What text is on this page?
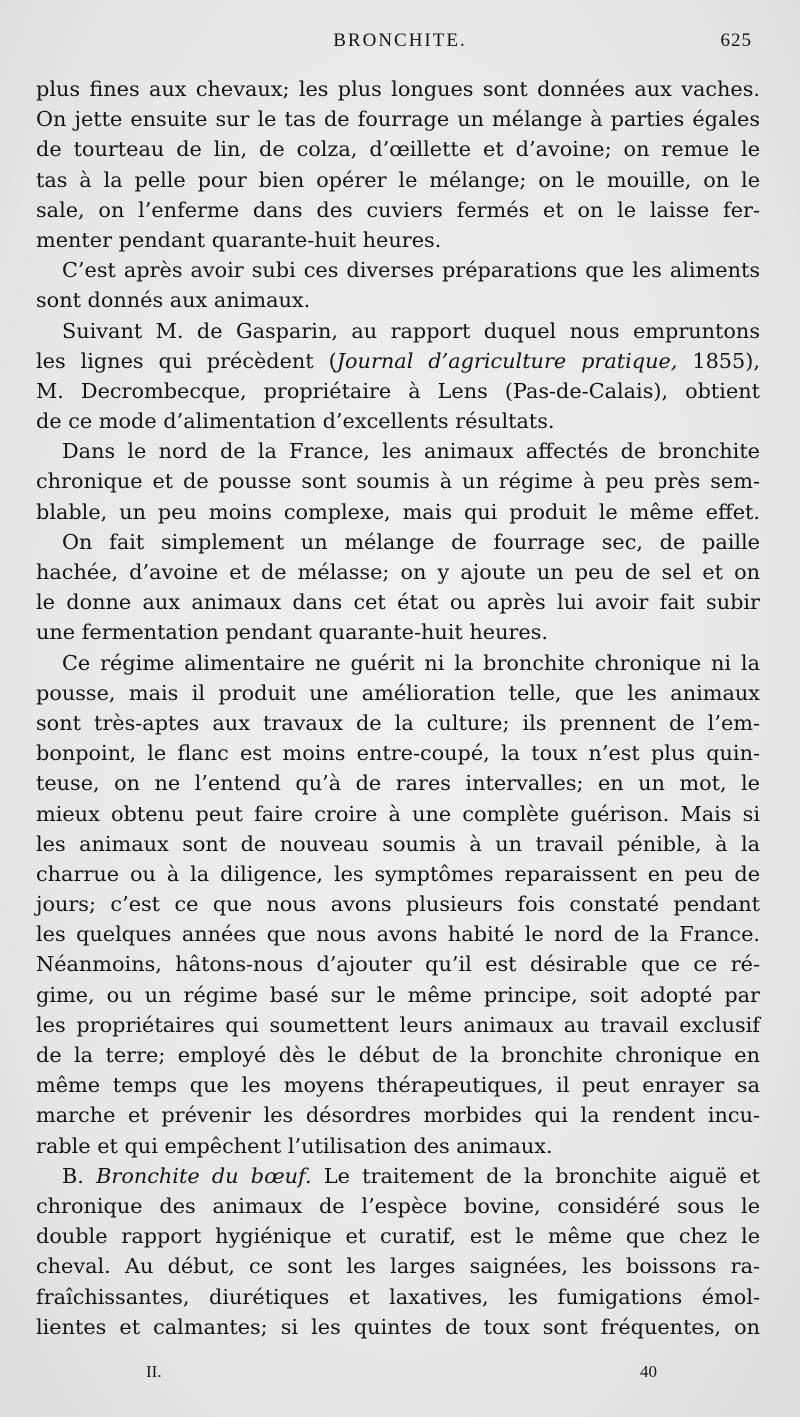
BRONCHITE.	625
plus fines aux chevaux; les plus longues sont données aux vaches.
On jette ensuite sur le tas de fourrage un mélange à parties égales
de tourteau de lin, de colza, d’œillette et d’avoine; on remue le
tas à la pelle pour bien opérer le mélange; on le mouille, on le
sale, on l’enferme dans des cuviers fermés et on le laisse fer-
menter pendant quarante-huit heures.
C’est après avoir subi ces diverses préparations que les aliments
sont donnés aux animaux.
Suivant M. de Gasparin, au rapport duquel nous empruntons
les lignes qui précèdent (Journal d’agriculture pratique, 1855),
M. Decrombecque, propriétaire à Lens (Pas-de-Calais), obtient
de ce mode d’alimentation d’excellents résultats.
Dans le nord de la France, les animaux affectés de bronchite
chronique et de pousse sont soumis à un régime à peu près sem-
blable, un peu moins complexe, mais qui produit le même effet.
On fait simplement un mélange de fourrage sec, de paille
hachée, d’avoine et de mélasse; on y ajoute un peu de sel et on
le donne aux animaux dans cet état ou après lui avoir fait subir
une fermentation pendant quarante-huit heures.
Ce régime alimentaire ne guérit ni la bronchite chronique ni la
pousse, mais il produit une amélioration telle, que les animaux
sont très-aptes aux travaux de la culture; ils prennent de l’em-
bonpoint, le flanc est moins entre-coupé, la toux n’est plus quin-
teuse, on ne l’entend qu’à de rares intervalles; en un mot, le
mieux obtenu peut faire croire à une complète guérison. Mais si
les animaux sont de nouveau soumis à un travail pénible, à la
charrue ou à la diligence, les symptômes reparaissent en peu de
jours; c’est ce que nous avons plusieurs fois constaté pendant
les quelques années que nous avons habité le nord de la France.
Néanmoins, hâtons-nous d’ajouter qu’il est désirable que ce ré-
gime, ou un régime basé sur le même principe, soit adopté par
les propriétaires qui soumettent leurs animaux au travail exclusif
de la terre; employé dès le début de la bronchite chronique en
même temps que les moyens thérapeutiques, il peut enrayer sa
marche et prévenir les désordres morbides qui la rendent incu-
rable et qui empêchent l’utilisation des animaux.
B. Bronchite du bœuf. Le traitement de la bronchite aiguë et
chronique des animaux de l’espèce bovine, considéré sous le
double rapport hygiénique et curatif, est le même que chez le
cheval. Au début, ce sont les larges saignées, les boissons ra-
fraîchissantes, diurétiques et laxatives, les fumigations émol-
lientes et calmantes; si les quintes de toux sont fréquentes, on
II.	40
